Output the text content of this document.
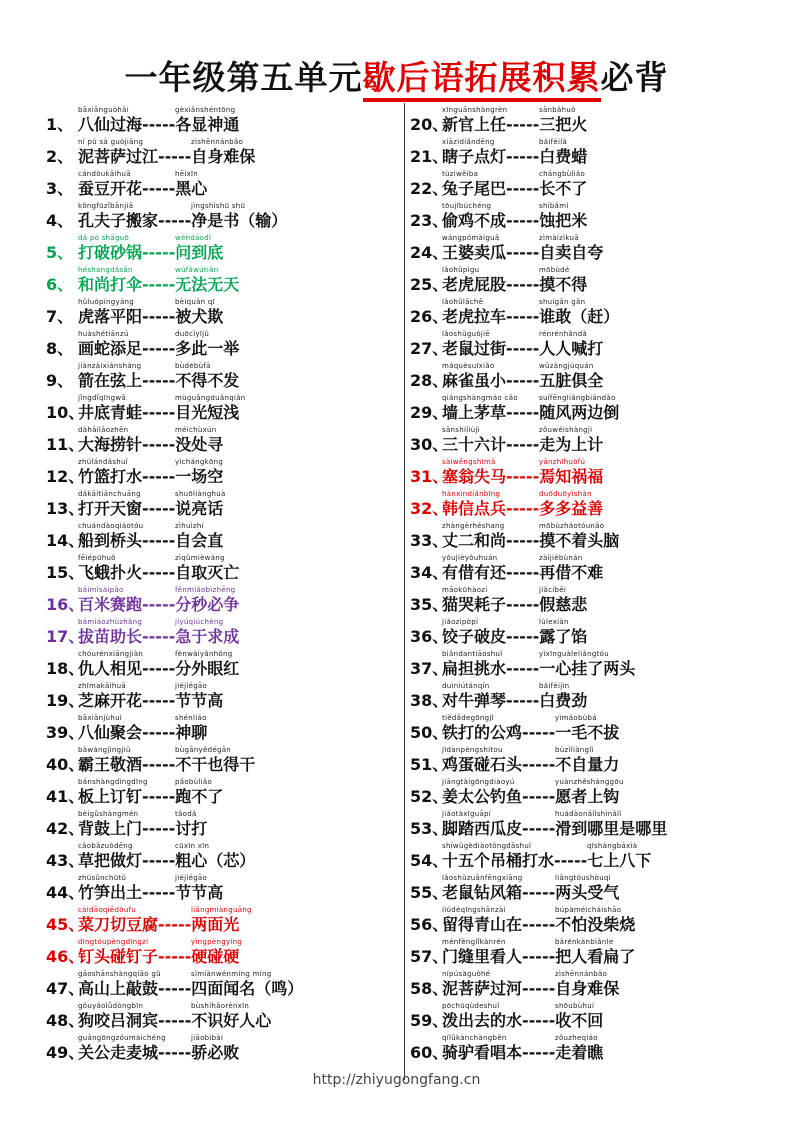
一年级第五单元歇后语拓展积累必背
bāxiānguòhǎi	gèxiǎnshéntōng
1、 八仙过海-----各显神通
ní pú sà guòjiāng	zìshēnnánbǎo
2、 泥菩萨过江-----自身难保
cándòukāihuā	hēixīn
3、 蚕豆开花-----黑心
kǒngfūzǐbānjiā	jìngshìshū shū
4、 孔夫子搬家-----净是书（输）
dǎ pò shāguō	wèndàodǐ
5、 打破砂锅-----问到底
héshangdǎsǎn	wúfǎwútiān
6、 和尚打伞-----无法无天
hǔluòpíngyáng	bèiquǎn qī
7、 虎落平阳-----被犬欺
huàshétiānzú	duōcǐyījǔ
8、 画蛇添足-----多此一举
jiànzàixiánshàng	bùdébùfā
9、 箭在弦上-----不得不发
jǐngdǐqīngwā	mùguāngduǎnqiǎn
10、井底青蛙-----目光短浅
dàhǎilāozhēn	méichùxún
11、大海捞针-----没处寻
zhúlándǎshuǐ	yìchángkōng
12、竹篮打水-----一场空
dǎkāitiānchuāng	shuōliànghuà
13、打开天窗-----说亮话
chuándàoqiáotóu	zìhuìzhí
14、船到桥头-----自会直
fēiépūhuǒ	zìqǔmièwáng
15、飞蛾扑火-----自取灭亡
bǎimǐsàipǎo	fēnmiǎobìzhēng
16、百米赛跑-----分秒必争
bámiáozhùzhǎng	jíyúqiúchéng
17、拔苗助长-----急于求成
chóurénxiāngjiàn	fènwàiyǎnhóng
18、仇人相见-----分外眼红
zhīmakāihuā	jiéjiégāo
19、芝麻开花-----节节高
bāxiānjùhuì	shénliáo
39、八仙聚会-----神聊
bàwángjìngjiǔ	bùgānyědégān
40、霸王敬酒-----不干也得干
bǎnshàngdìngdīng	pǎobùliǎo
41、板上订钉-----跑不了
bèigǔshàngmén	tǎodǎ
42、背鼓上门-----讨打
cǎobǎzuòdēng	cūxīn xīn
43、草把做灯-----粗心（芯）
zhúsǔnchūtǔ	jiéjiégāo
44、竹笋出土-----节节高
càidāoqiēdòufu	liǎngmiànguāng
45、菜刀切豆腐-----两面光
dīngtóupèngdīngzi	yìngpèngyìng
46、钉头碰钉子-----硬碰硬
gāoshānshàngqiāo gǔ	sìmiànwénmíng míng
47、高山上敲鼓-----四面闻名（鸣）
gǒuyǎolǚdòngbīn	bùshíhǎorénxīn
48、狗咬吕洞宾-----不识好人心
guāngōngzǒumàichéng	jiāobìbài
49、关公走麦城-----骄必败
xīnguānshàngrèn	sānbǎhuǒ
20、新官上任-----三把火
xiāzidiǎndēng	báifèilà
21、瞎子点灯-----白费蜡
tùziwěiba	chángbùliǎo
22、兔子尾巴-----长不了
tōujībùchéng	shíbǎmǐ
23、偷鸡不成-----蚀把米
wángpómàiguā	zìmàizìkuā
24、王婆卖瓜-----自卖自夸
lǎohǔpìgu	mōbùdé
25、老虎屁股-----摸不得
lǎohǔlāchē	shuígǎn gǎn
26、老虎拉车-----谁敢（赶）
lǎoshǔguòjiē	rénrénhǎndǎ
27、老鼠过街-----人人喊打
máquèsuīxiǎo	wǔzàngjùquán
28、麻雀虽小-----五脏俱全
qiángshàngmáo cǎo	suífēngliǎngbiāndǎo
29、墙上茅草-----随风两边倒
sānshíliùjì	zǒuwéishàngjì
30、三十六计-----走为上计
sàiwēngshīmǎ	yānzhīhuòfú
31、塞翁失马-----焉知祸福
hánxìndiǎnbīng	duōduōyìshàn
32、韩信点兵-----多多益善
zhàngèrhéshang	mōbùzháotóunǎo
33、丈二和尚-----摸不着头脑
yǒujièyǒuhuán	zàijièbùnán
34、有借有还-----再借不难
māokūhàozi	jiǎcíbēi
35、猫哭耗子-----假慈悲
jiǎozipòpí	lùlexiàn
36、饺子破皮-----露了馅
biǎndantiāoshuǐ	yìxīnguàleliǎngtóu
37、扁担挑水-----一心挂了两头
duìniútánqín	báifèijìn
38、对牛弹琴-----白费劲
tiědǎdegōngjī	yìmáobùbá
50、铁打的公鸡-----一毛不拔
jīdànpèngshítou	búzìliànglì
51、鸡蛋碰石头-----不自量力
jiāngtàigōngdiàoyú	yuànzhěshànggōu
52、姜太公钓鱼-----愿者上钩
jiǎotàxīguāpí	huádàonǎlǐshìnǎlǐ
53、脚踏西瓜皮-----滑到哪里是哪里
shíwǔgèdiàotǒngdǎshuǐ	qīshàngbāxià
54、十五个吊桶打水-----七上八下
lǎoshǔzuānfēngxiāng	liǎngtóushòuqì
55、老鼠钻风箱-----两头受气
liúdéqīngshānzài	búpàméicháishāo
56、留得青山在-----不怕没柴烧
ménfènglǐkànrén	bǎrénkànbiǎnle
57、门缝里看人-----把人看扁了
nípúsàguòhé	zìshēnnánbǎo
58、泥菩萨过河-----自身难保
pōchūqùdeshuǐ	shōubùhuí
59、泼出去的水-----收不回
qílǘkànchàngběn	zǒuzheqiáo
60、骑驴看唱本-----走着瞧
http://zhiyugongfang.cn
